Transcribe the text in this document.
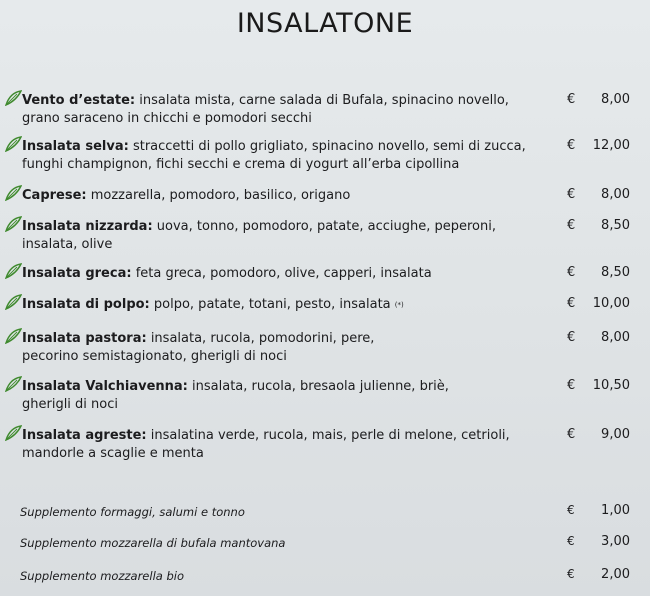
INSALATONE
Vento d’estate: insalata mista, carne salada di Bufala, spinacino novello,
grano saraceno in chicchi e pomodori secchi
€ 8,00
Insalata selva: straccetti di pollo grigliato, spinacino novello, semi di zucca,
funghi champignon, fichi secchi e crema di yogurt all’erba cipollina
€ 12,00
Caprese: mozzarella, pomodoro, basilico, origano	€ 8,00
Insalata nizzarda: uova, tonno, pomodoro, patate, acciughe, peperoni,
insalata, olive
€ 8,50
Insalata greca: feta greca, pomodoro, olive, capperi, insalata	€ 8,50
Insalata di polpo: polpo, patate, totani, pesto, insalata (*)	€ 10,00
Insalata pastora: insalata, rucola, pomodorini, pere,
pecorino semistagionato, gherigli di noci
€ 8,00
Insalata Valchiavenna: insalata, rucola, bresaola julienne, briè,
gherigli di noci
€ 10,50
Insalata agreste: insalatina verde, rucola, mais, perle di melone, cetrioli,
mandorle a scaglie e menta
€ 9,00
Supplemento formaggi, salumi e tonno	€ 1,00
Supplemento mozzarella di bufala mantovana	€ 3,00
Supplemento mozzarella bio	€ 2,00
